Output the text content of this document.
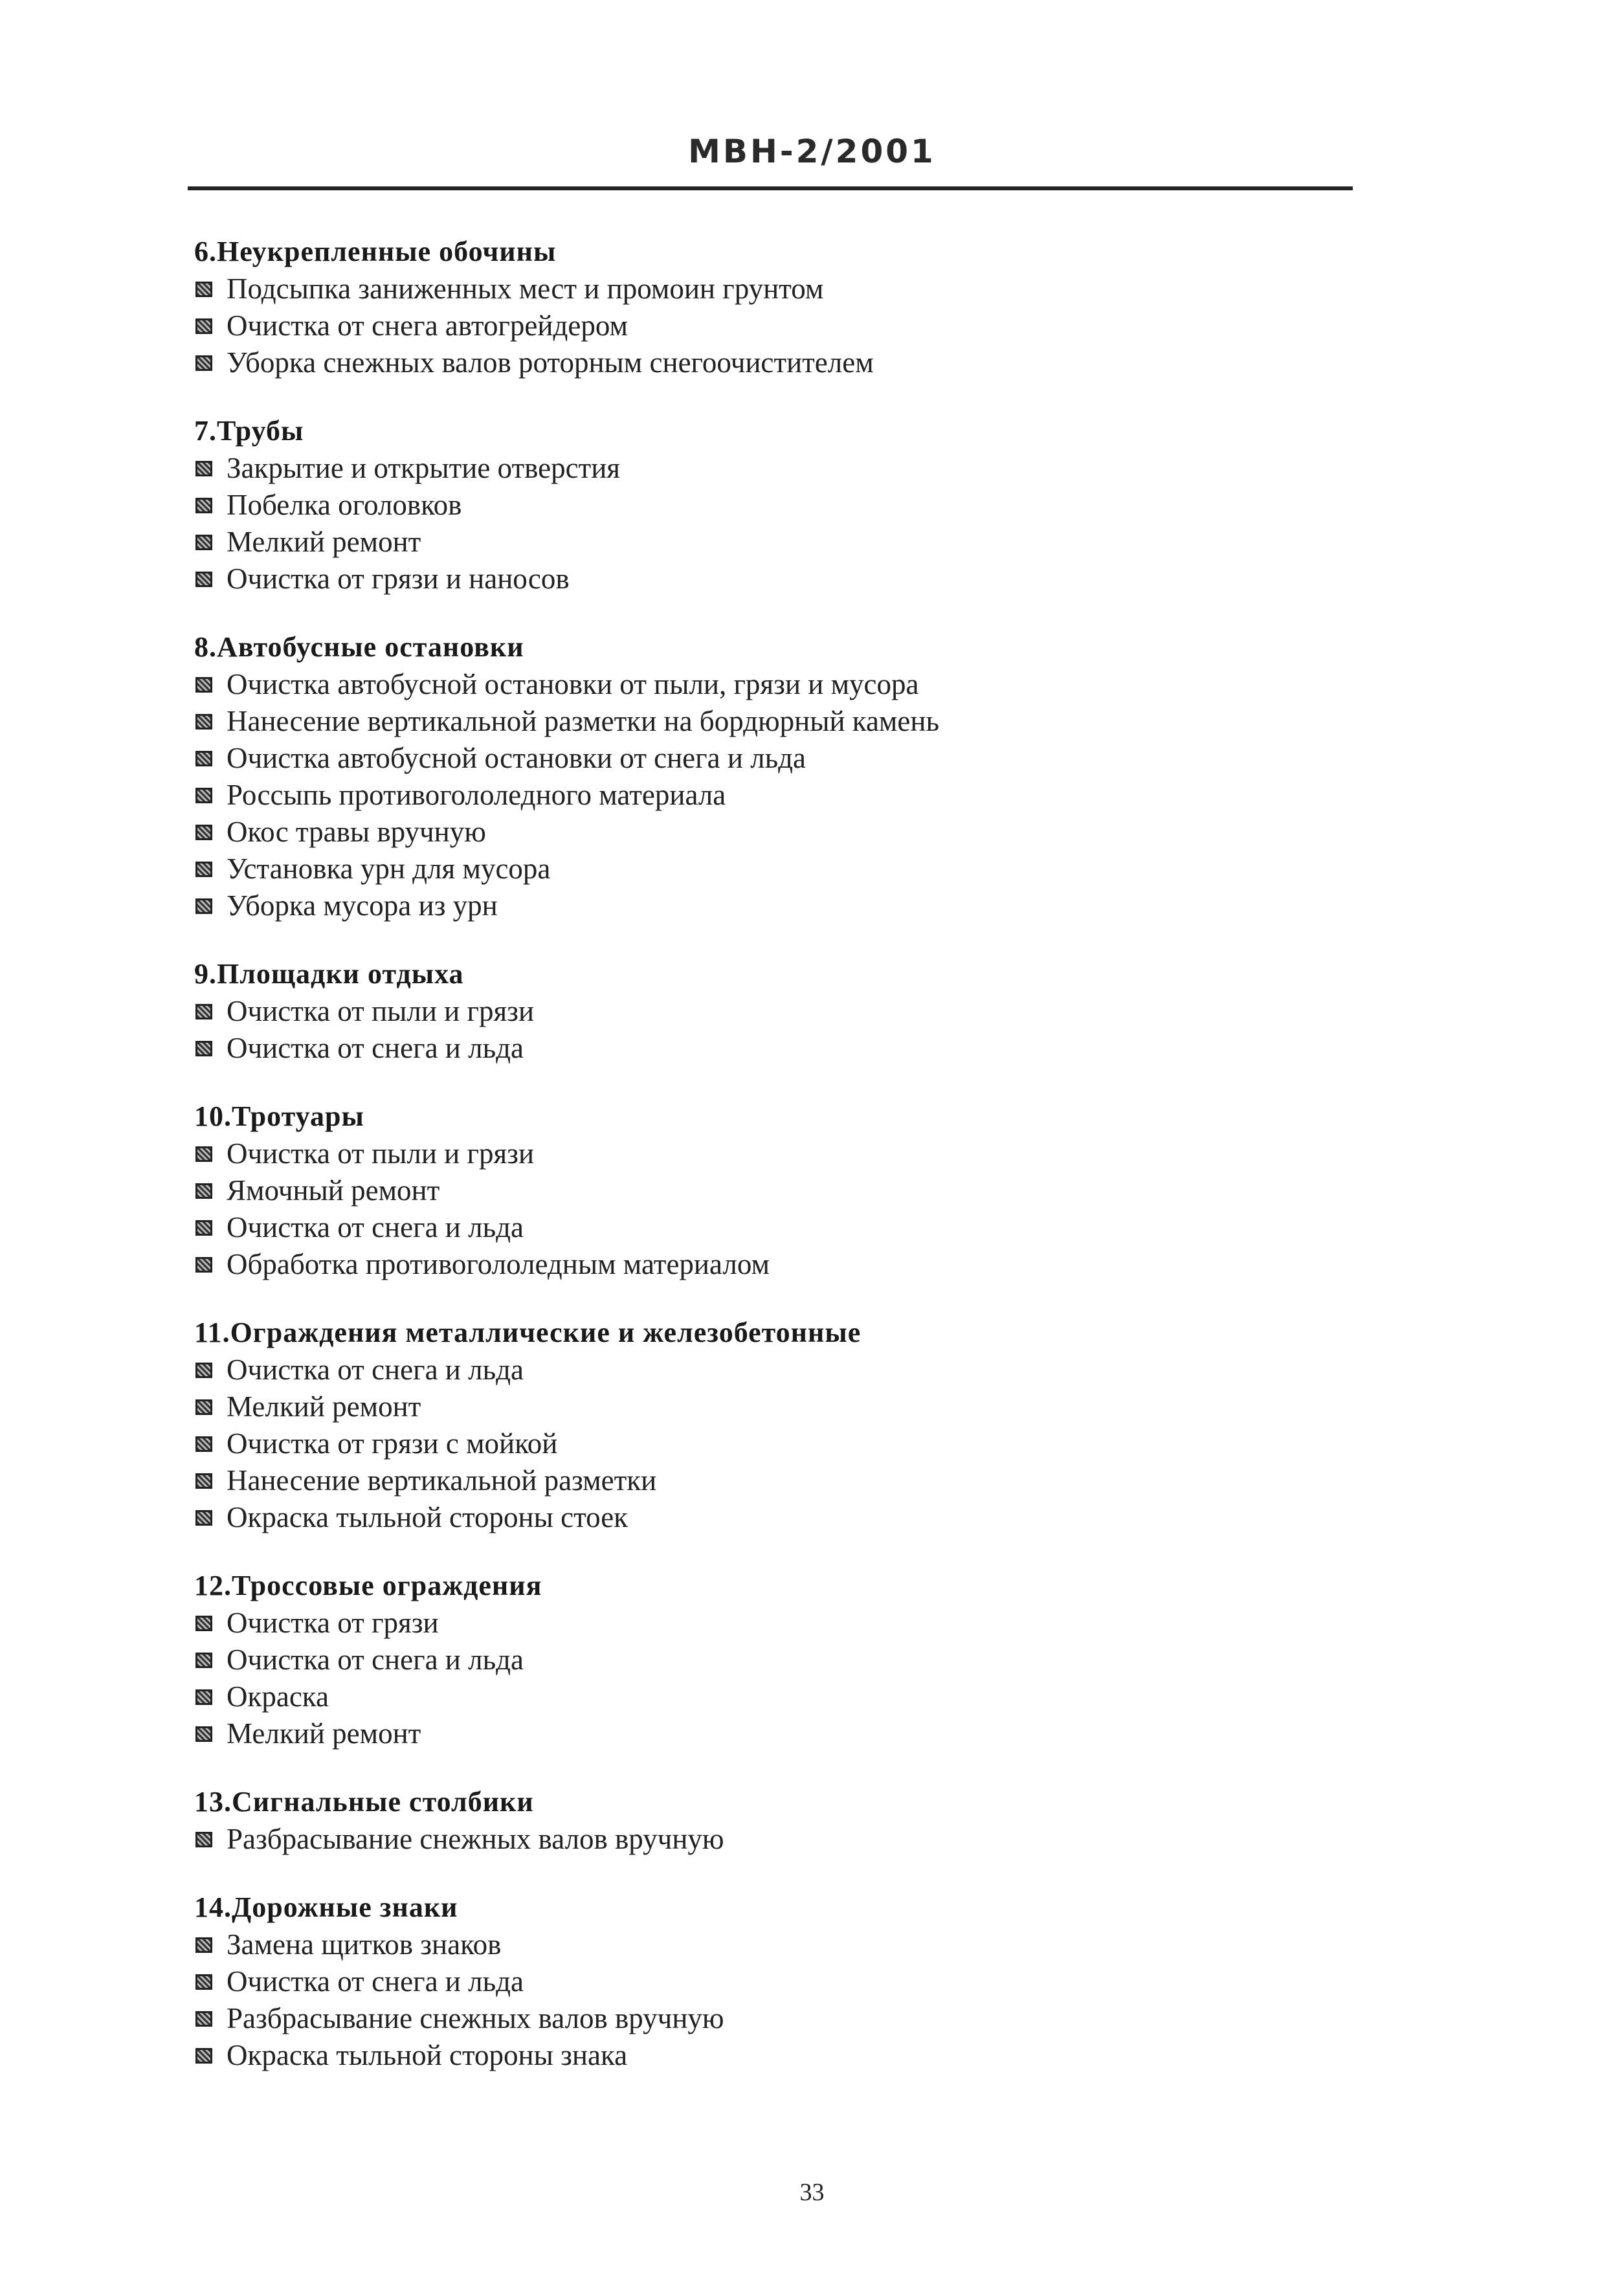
МВН-2/2001
6.Неукрепленные обочины
Подсыпка заниженных мест и промоин грунтом
Очистка от снега автогрейдером
Уборка снежных валов роторным снегоочистителем
7.Трубы
Закрытие и открытие отверстия
Побелка оголовков
Мелкий ремонт
Очистка от грязи и наносов
8.Автобусные остановки
Очистка автобусной остановки от пыли, грязи и мусора
Нанесение вертикальной разметки на бордюрный камень
Очистка автобусной остановки от снега и льда
Россыпь противогололедного материала
Окос травы вручную
Установка урн для мусора
Уборка мусора из урн
9.Площадки отдыха
Очистка от пыли и грязи
Очистка от снега и льда
10.Тротуары
Очистка от пыли и грязи
Ямочный ремонт
Очистка от снега и льда
Обработка противогололедным материалом
11.Ограждения металлические и железобетонные
Очистка от снега и льда
Мелкий ремонт
Очистка от грязи с мойкой
Нанесение вертикальной разметки
Окраска тыльной стороны стоек
12.Троссовые ограждения
Очистка от грязи
Очистка от снега и льда
Окраска
Мелкий ремонт
13.Сигнальные столбики
Разбрасывание снежных валов вручную
14.Дорожные знаки
Замена щитков знаков
Очистка от снега и льда
Разбрасывание снежных валов вручную
Окраска тыльной стороны знака
33
